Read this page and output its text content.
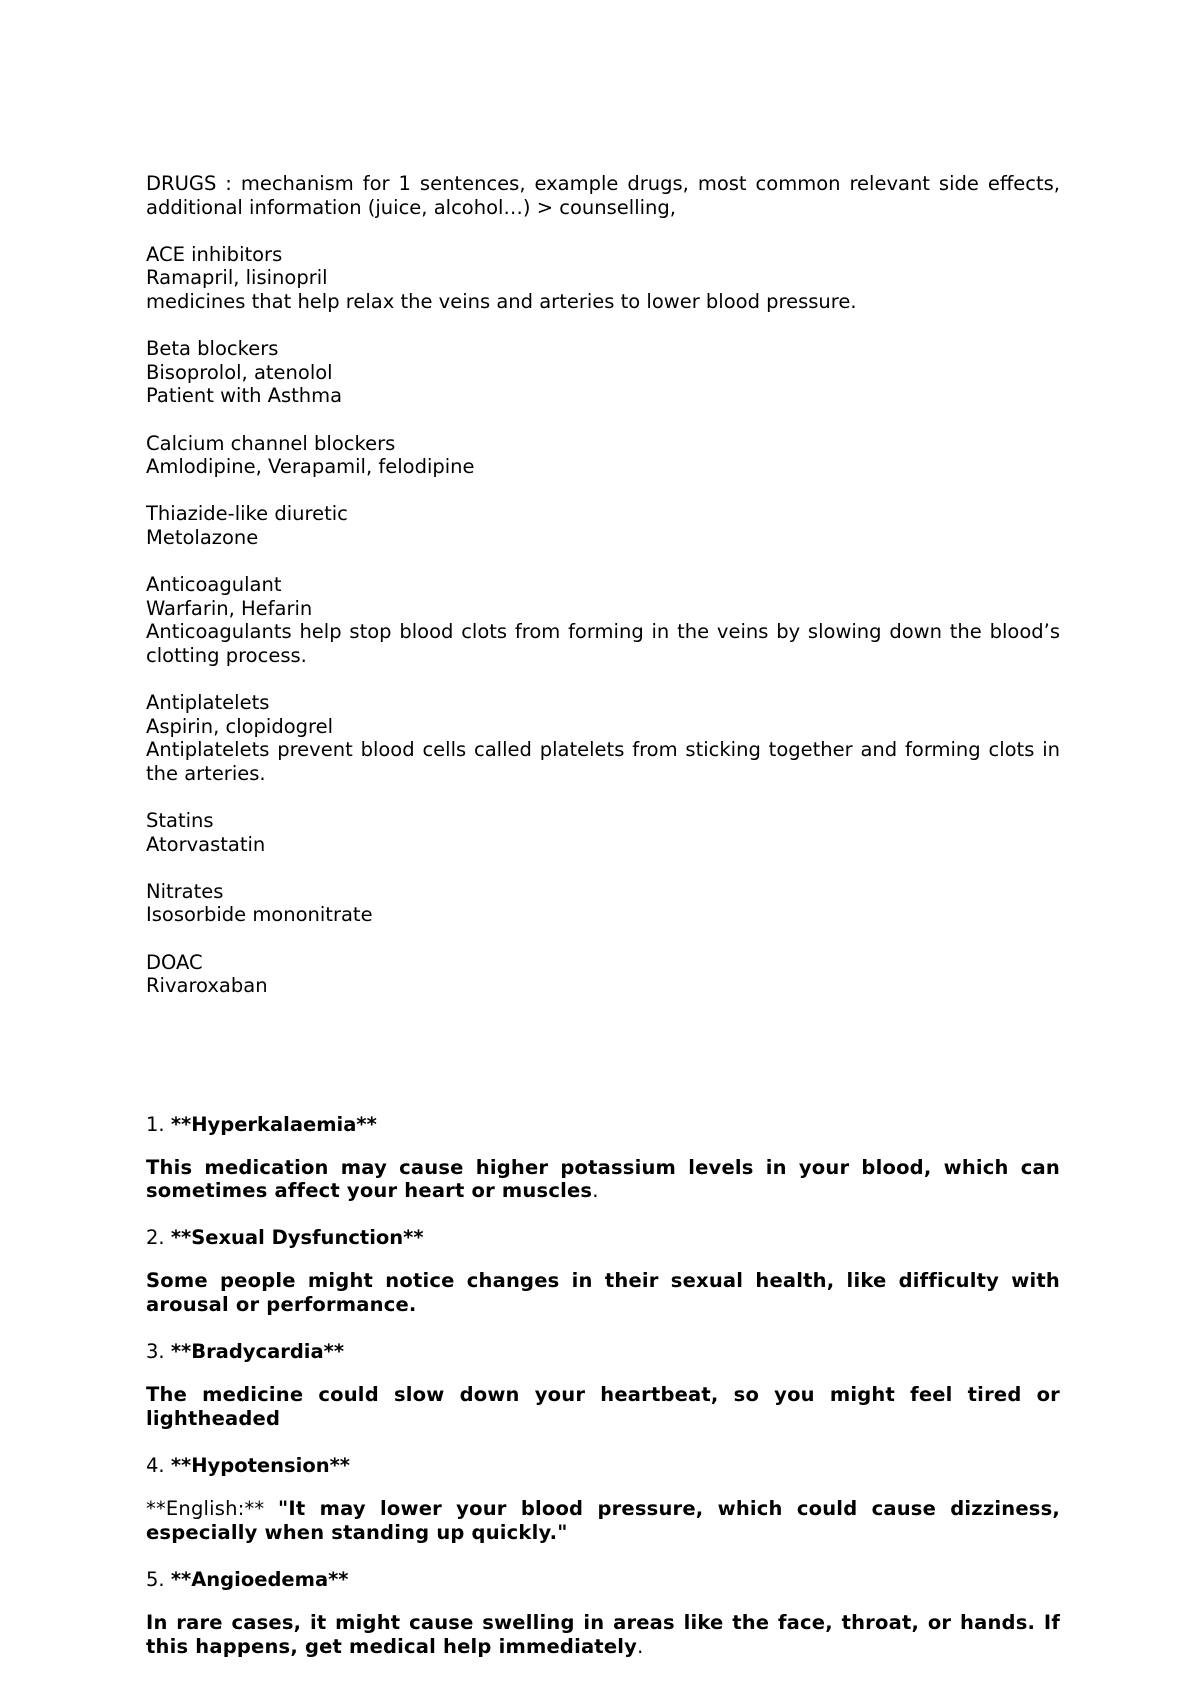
DRUGS : mechanism for 1 sentences, example drugs, most common relevant side effects, additional information (juice, alcohol…) > counselling,

ACE inhibitors

Ramapril, lisinopril

medicines that help relax the veins and arteries to lower blood pressure.

Beta blockers

Bisoprolol, atenolol

Patient with Asthma

Calcium channel blockers

Amlodipine, Verapamil, felodipine

Thiazide-like diuretic

Metolazone

Anticoagulant

Warfarin, Hefarin

Anticoagulants help stop blood clots from forming in the veins by slowing down the blood’s clotting process.

Antiplatelets

Aspirin, clopidogrel

Antiplatelets prevent blood cells called platelets from sticking together and forming clots in the arteries.

Statins

Atorvastatin

Nitrates

Isosorbide mononitrate

DOAC

Rivaroxaban

1. **Hyperkalaemia**

This medication may cause higher potassium levels in your blood, which can sometimes affect your heart or muscles.

2. **Sexual Dysfunction**

Some people might notice changes in their sexual health, like difficulty with arousal or performance.

3. **Bradycardia**

The medicine could slow down your heartbeat, so you might feel tired or lightheaded

4. **Hypotension**

**English:** "It may lower your blood pressure, which could cause dizziness, especially when standing up quickly."

5. **Angioedema**

In rare cases, it might cause swelling in areas like the face, throat, or hands. If this happens, get medical help immediately.
